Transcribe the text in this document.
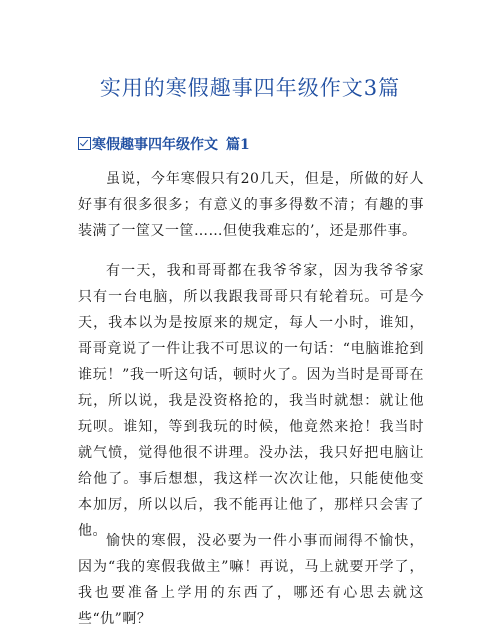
实用的寒假趣事四年级作文3篇
寒假趣事四年级作文 篇1

虽说，今年寒假只有20几天，但是，所做的好人好事有很多很多；有意义的事多得数不清；有趣的事装满了一筐又一筐……但使我难忘的’，还是那件事。

有一天，我和哥哥都在我爷爷家，因为我爷爷家只有一台电脑，所以我跟我哥哥只有轮着玩。可是今天，我本以为是按原来的规定，每人一小时，谁知，哥哥竟说了一件让我不可思议的一句话：“电脑谁抢到谁玩！”我一听这句话，顿时火了。因为当时是哥哥在玩，所以说，我是没资格抢的，我当时就想：就让他玩呗。谁知，等到我玩的时候，他竟然来抢！我当时就气愤，觉得他很不讲理。没办法，我只好把电脑让给他了。事后想想，我这样一次次让他，只能使他变本加厉，所以以后，我不能再让他了，那样只会害了他。

愉快的寒假，没必要为一件小事而闹得不愉快，因为“我的寒假我做主”嘛！再说，马上就要开学了，我也要准备上学用的东西了，哪还有心思去就这些“仇”啊？
